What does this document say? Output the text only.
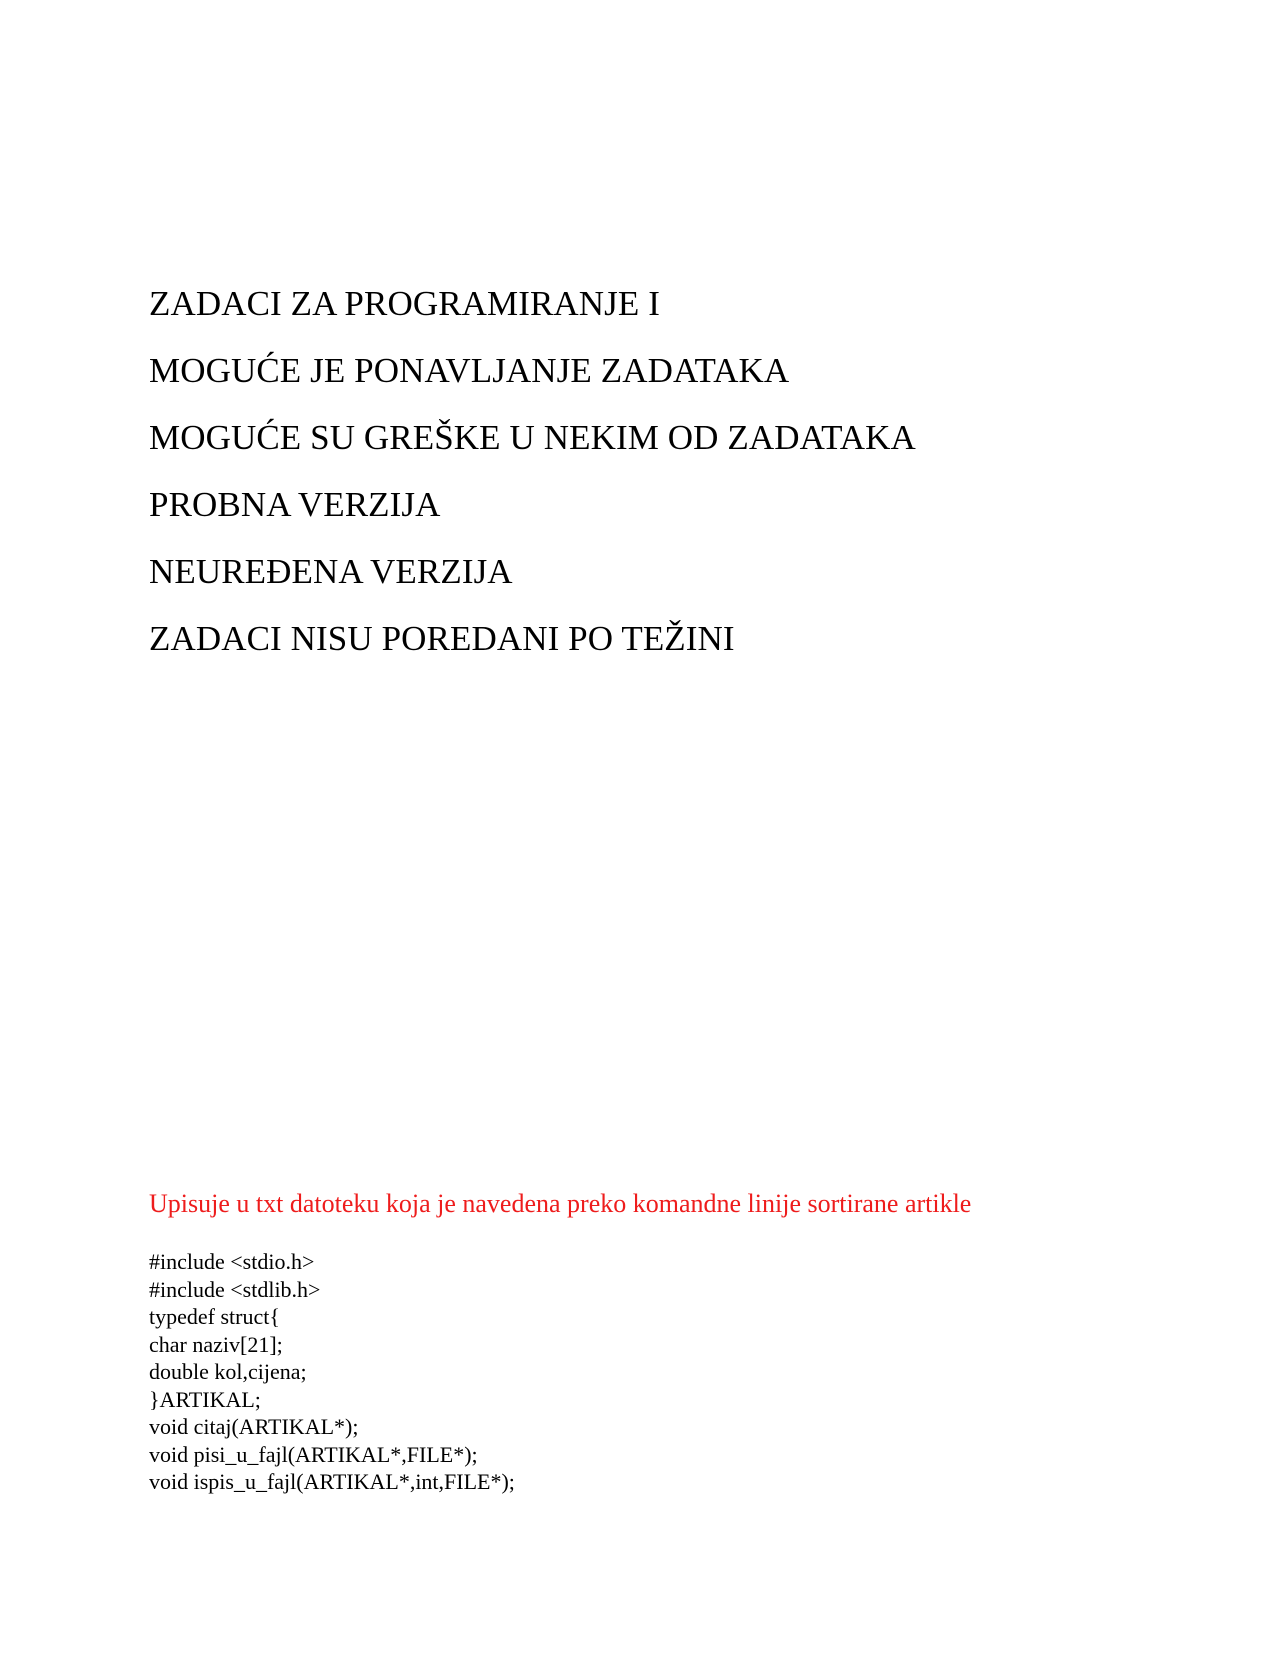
ZADACI ZA PROGRAMIRANJE I
MOGUĆE JE PONAVLJANJE ZADATAKA
MOGUĆE SU GREŠKE U NEKIM OD ZADATAKA
PROBNA VERZIJA
NEUREĐENA VERZIJA
ZADACI NISU POREDANI PO TEŽINI
Upisuje u txt datoteku koja je navedena preko komandne linije sortirane artikle
#include <stdio.h>
#include <stdlib.h>
typedef struct{
char naziv[21];
double kol,cijena;
}ARTIKAL;
void citaj(ARTIKAL*);
void pisi_u_fajl(ARTIKAL*,FILE*);
void ispis_u_fajl(ARTIKAL*,int,FILE*);
